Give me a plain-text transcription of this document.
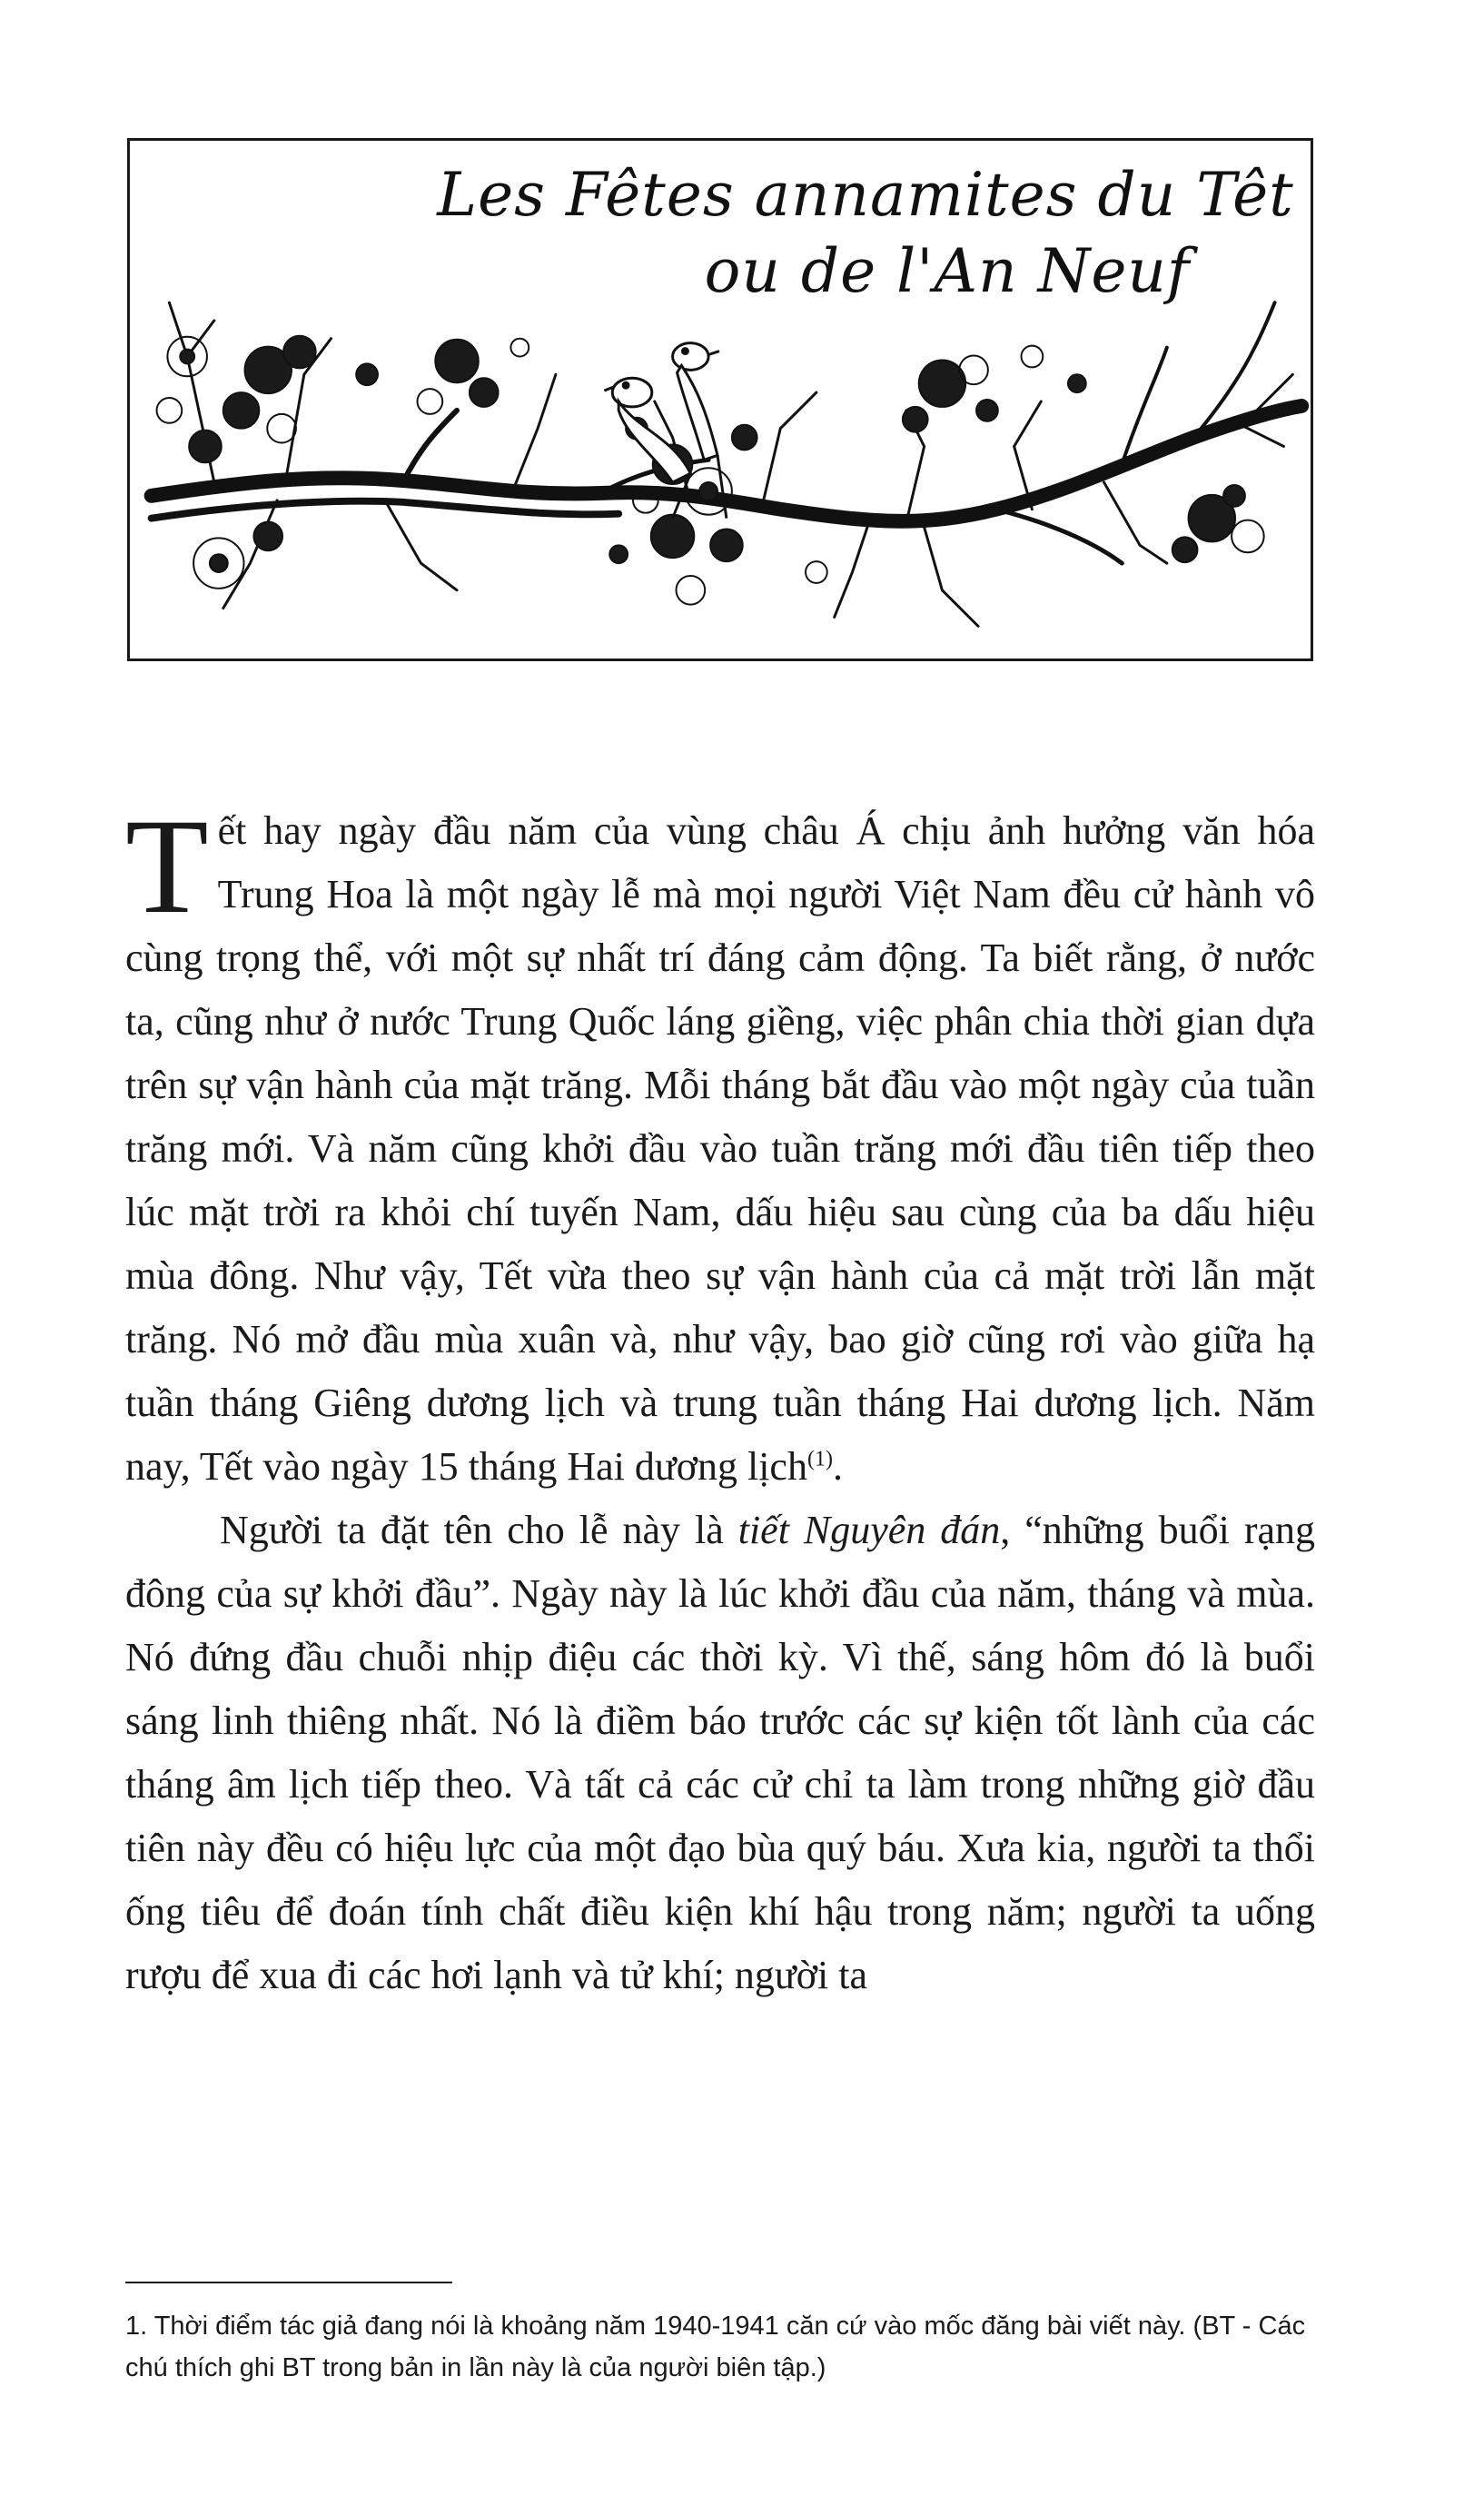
Les Fêtes annamites du Têt
ou de l'An Neuf

Tết hay ngày đầu năm của vùng châu Á chịu ảnh hưởng văn hóa Trung Hoa là một ngày lễ mà mọi người Việt Nam đều cử hành vô cùng trọng thể, với một sự nhất trí đáng cảm động. Ta biết rằng, ở nước ta, cũng như ở nước Trung Quốc láng giềng, việc phân chia thời gian dựa trên sự vận hành của mặt trăng. Mỗi tháng bắt đầu vào một ngày của tuần trăng mới. Và năm cũng khởi đầu vào tuần trăng mới đầu tiên tiếp theo lúc mặt trời ra khỏi chí tuyến Nam, dấu hiệu sau cùng của ba dấu hiệu mùa đông. Như vậy, Tết vừa theo sự vận hành của cả mặt trời lẫn mặt trăng. Nó mở đầu mùa xuân và, như vậy, bao giờ cũng rơi vào giữa hạ tuần tháng Giêng dương lịch và trung tuần tháng Hai dương lịch. Năm nay, Tết vào ngày 15 tháng Hai dương lịch$^{(1)}$.

Người ta đặt tên cho lễ này là tiết Nguyên đán, “những buổi rạng đông của sự khởi đầu”. Ngày này là lúc khởi đầu của năm, tháng và mùa. Nó đứng đầu chuỗi nhịp điệu các thời kỳ. Vì thế, sáng hôm đó là buổi sáng linh thiêng nhất. Nó là điềm báo trước các sự kiện tốt lành của các tháng âm lịch tiếp theo. Và tất cả các cử chỉ ta làm trong những giờ đầu tiên này đều có hiệu lực của một đạo bùa quý báu. Xưa kia, người ta thổi ống tiêu để đoán tính chất điều kiện khí hậu trong năm; người ta uống rượu để xua đi các hơi lạnh và tử khí; người ta

1. Thời điểm tác giả đang nói là khoảng năm 1940-1941 căn cứ vào mốc đăng bài viết này. (BT - Các chú thích ghi BT trong bản in lần này là của người biên tập.)
